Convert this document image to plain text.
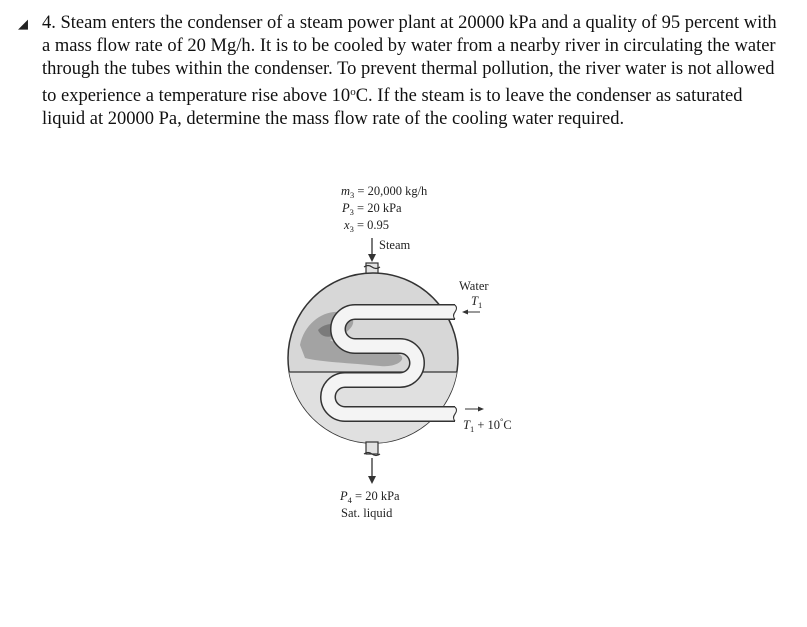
◢ 4. Steam enters the condenser of a steam power plant at 20000 kPa and a quality of 95 percent with a mass flow rate of 20 Mg/h. It is to be cooled by water from a nearby river in circulating the water through the tubes within the condenser. To prevent thermal pollution, the river water is not allowed to experience a temperature rise above 10$^o$C. If the steam is to leave the condenser as saturated liquid at 20000 Pa, determine the mass flow rate of the cooling water required.
$m_3 = 20,000$ kg/h
$P_3 = 20$ kPa
$x_3 = 0.95$
Steam
Water
$T_1$
$T_1 + 10^\circ C$
$P_4 = 20$ kPa
Sat. liquid
